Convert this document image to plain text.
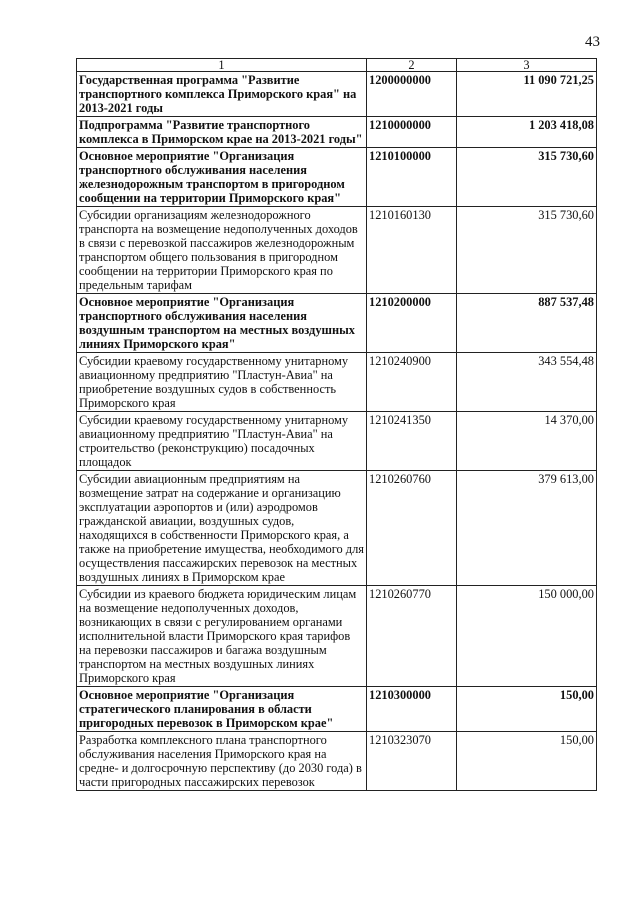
43
1	2	3
Государственная программа "Развитие транспортного комплекса Приморского края" на 2013-2021 годы	1200000000	11 090 721,25
Подпрограмма "Развитие транспортного комплекса в Приморском крае на 2013-2021 годы"	1210000000	1 203 418,08
Основное мероприятие "Организация транспортного обслуживания населения железнодорожным транспортом в пригородном сообщении на территории Приморского края"	1210100000	315 730,60
Субсидии организациям железнодорожного транспорта на возмещение недополученных доходов в связи с перевозкой пассажиров железнодорожным транспортом общего пользования в пригородном сообщении на территории Приморского края по предельным тарифам	1210160130	315 730,60
Основное мероприятие "Организация транспортного обслуживания населения воздушным транспортом на местных воздушных линиях Приморского края"	1210200000	887 537,48
Субсидии краевому государственному унитарному авиационному предприятию "Пластун-Авиа" на приобретение воздушных судов в собственность Приморского края	1210240900	343 554,48
Субсидии краевому государственному унитарному авиационному предприятию "Пластун-Авиа" на строительство (реконструкцию) посадочных площадок	1210241350	14 370,00
Субсидии авиационным предприятиям на возмещение затрат на содержание и организацию эксплуатации аэропортов и (или) аэродромов гражданской авиации, воздушных судов, находящихся в собственности Приморского края, а также на приобретение имущества, необходимого для осуществления пассажирских перевозок на местных воздушных линиях в Приморском крае	1210260760	379 613,00
Субсидии из краевого бюджета юридическим лицам на возмещение недополученных доходов, возникающих в связи с регулированием органами исполнительной власти Приморского края тарифов на перевозки пассажиров и багажа воздушным транспортом на местных воздушных линиях Приморского края	1210260770	150 000,00
Основное мероприятие "Организация стратегического планирования в области пригородных перевозок в Приморском крае"	1210300000	150,00
Разработка комплексного плана транспортного обслуживания населения Приморского края на средне- и долгосрочную перспективу (до 2030 года) в части пригородных пассажирских перевозок	1210323070	150,00
